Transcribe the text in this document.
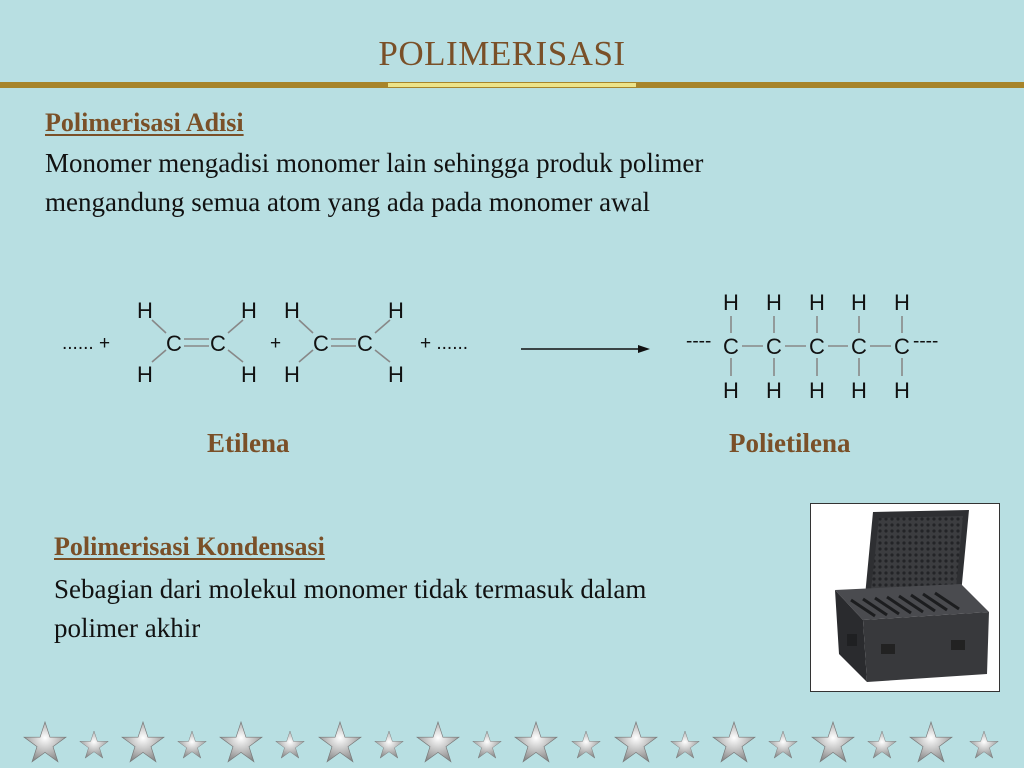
POLIMERISASI
Polimerisasi Adisi
Monomer mengadisi monomer lain sehingga produk polimer
mengandung semua atom yang ada pada monomer awal
...... +
H
H
C C
H
H
+
H
H
C C
H
H
+ ......	----	----
H H H H H
C C C C C
H H H H H
Etilena	Polietilena
Polimerisasi Kondensasi
Sebagian dari molekul monomer tidak termasuk dalam
polimer akhir
